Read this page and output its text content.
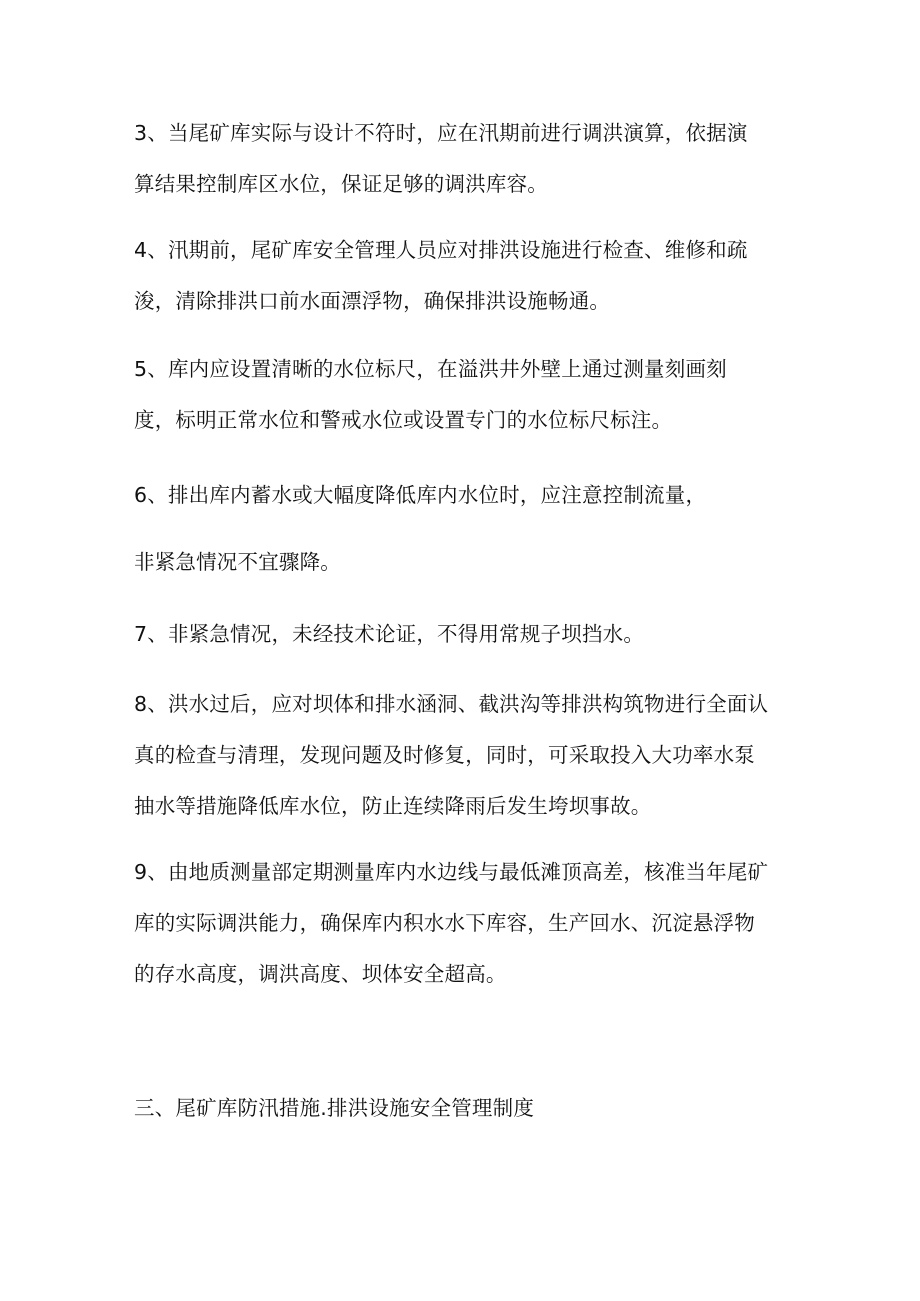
3、当尾矿库实际与设计不符时，应在汛期前进行调洪演算，依据演
算结果控制库区水位，保证足够的调洪库容。
4、汛期前，尾矿库安全管理人员应对排洪设施进行检查、维修和疏
浚，清除排洪口前水面漂浮物，确保排洪设施畅通。
5、库内应设置清晰的水位标尺，在溢洪井外壁上通过测量刻画刻
度，标明正常水位和警戒水位或设置专门的水位标尺标注。
6、排出库内蓄水或大幅度降低库内水位时，应注意控制流量，
非紧急情况不宜骤降。
7、非紧急情况，未经技术论证，不得用常规子坝挡水。
8、洪水过后，应对坝体和排水涵洞、截洪沟等排洪构筑物进行全面认
真的检查与清理，发现问题及时修复，同时，可采取投入大功率水泵
抽水等措施降低库水位，防止连续降雨后发生垮坝事故。
9、由地质测量部定期测量库内水边线与最低滩顶高差，核准当年尾矿
库的实际调洪能力，确保库内积水水下库容，生产回水、沉淀悬浮物
的存水高度，调洪高度、坝体安全超高。
三、尾矿库防汛措施.排洪设施安全管理制度
